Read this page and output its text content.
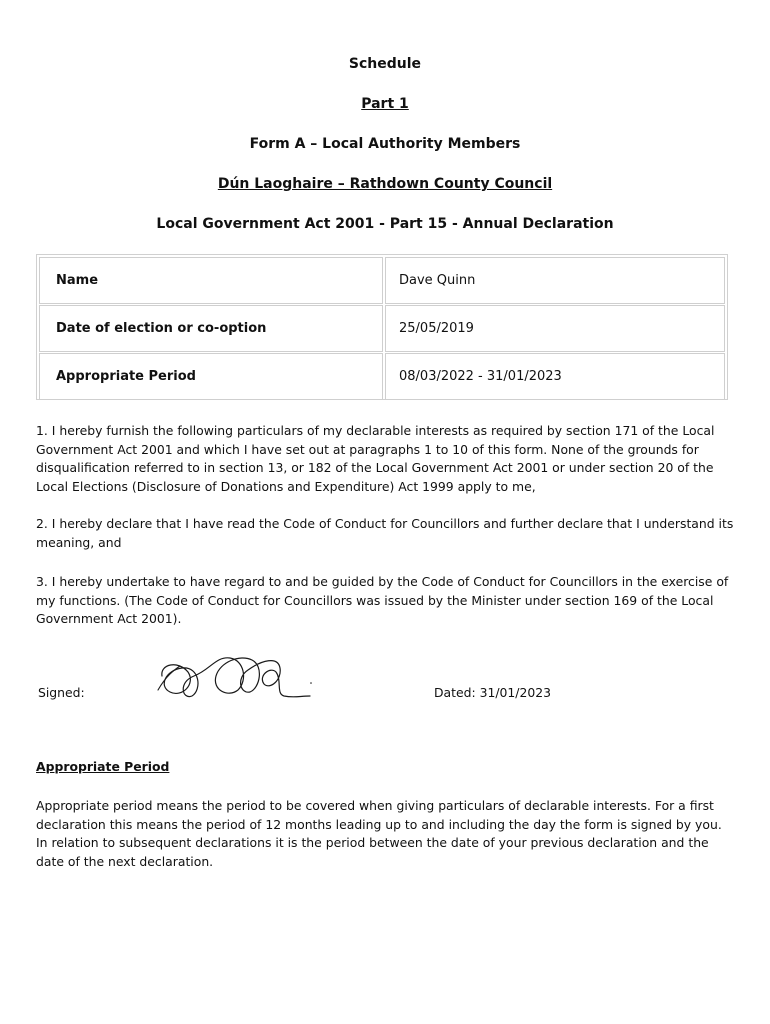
Schedule
Part 1
Form A – Local Authority Members
Dún Laoghaire – Rathdown County Council
Local Government Act 2001 - Part 15 - Annual Declaration
Name	Dave Quinn
Date of election or co-option	25/05/2019
Appropriate Period	08/03/2022 - 31/01/2023

1. I hereby furnish the following particulars of my declarable interests as required by section 171 of the Local Government Act 2001 and which I have set out at paragraphs 1 to 10 of this form. None of the grounds for disqualification referred to in section 13, or 182 of the Local Government Act 2001 or under section 20 of the Local Elections (Disclosure of Donations and Expenditure) Act 1999 apply to me,

2. I hereby declare that I have read the Code of Conduct for Councillors and further declare that I understand its meaning, and

3. I hereby undertake to have regard to and be guided by the Code of Conduct for Councillors in the exercise of my functions. (The Code of Conduct for Councillors was issued by the Minister under section 169 of the Local Government Act 2001).

Signed:	Dated: 31/01/2023
Appropriate Period

Appropriate period means the period to be covered when giving particulars of declarable interests. For a first declaration this means the period of 12 months leading up to and including the day the form is signed by you. In relation to subsequent declarations it is the period between the date of your previous declaration and the date of the next declaration.
